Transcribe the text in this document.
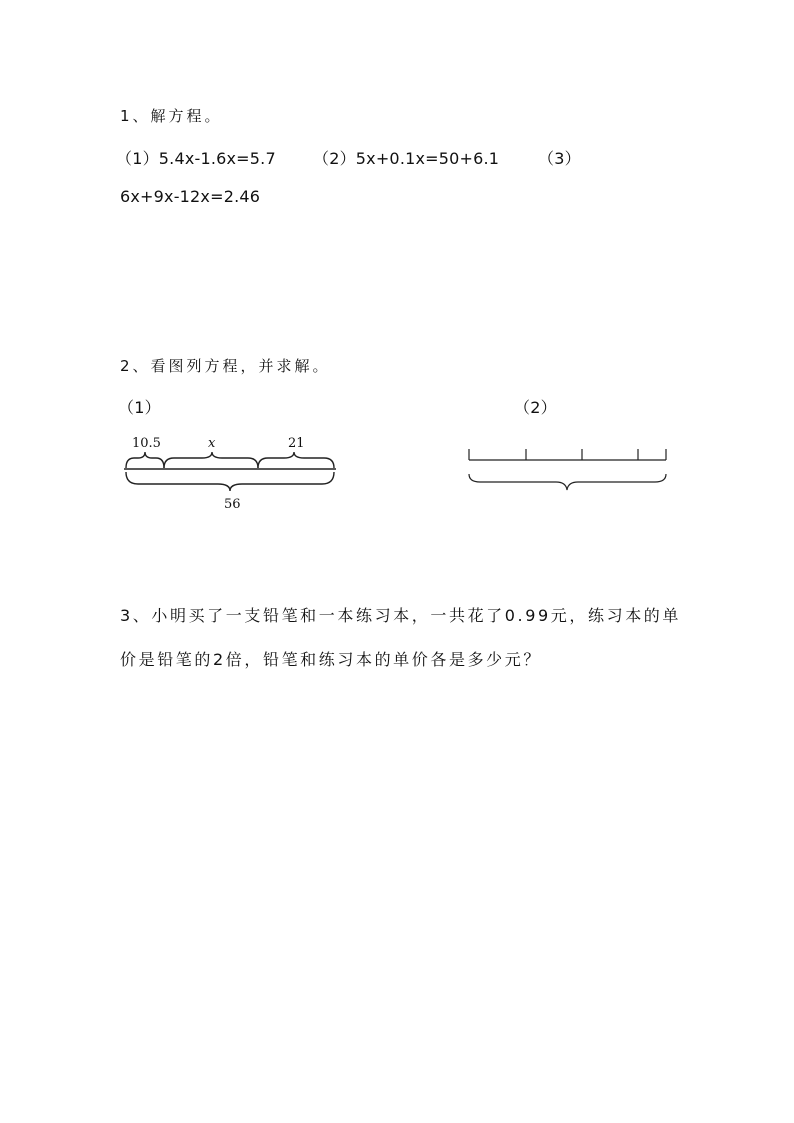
1、解方程。
（1）5.4x-1.6x=5.7 （2）5x+0.1x=50+6.1 （3）
6x+9x-12x=2.46
2、看图列方程，并求解。
（1）	（2）
10.5	x	21
56
3、小明买了一支铅笔和一本练习本，一共花了0.99元，练习本的单
价是铅笔的2倍，铅笔和练习本的单价各是多少元？
